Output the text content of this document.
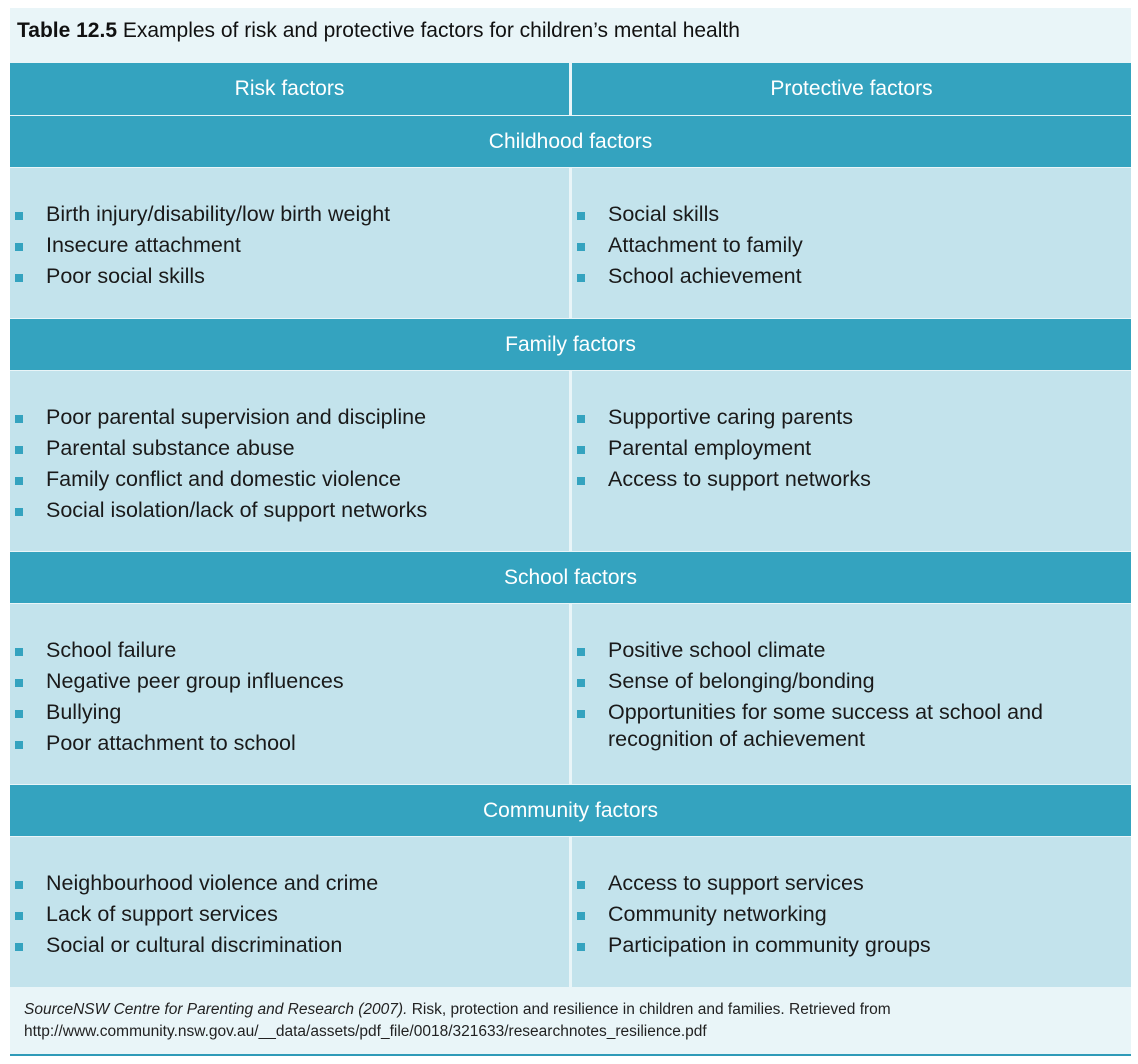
Table 12.5 Examples of risk and protective factors for children’s mental health
Risk factors	Protective factors
Childhood factors
Birth injury/disability/low birth weight
Insecure attachment
Poor social skills
Social skills
Attachment to family
School achievement
Family factors
Poor parental supervision and discipline
Parental substance abuse
Family conflict and domestic violence
Social isolation/lack of support networks
Supportive caring parents
Parental employment
Access to support networks
School factors
School failure
Negative peer group influences
Bullying
Poor attachment to school
Positive school climate
Sense of belonging/bonding
Opportunities for some success at school and recognition of achievement
Community factors
Neighbourhood violence and crime
Lack of support services
Social or cultural discrimination
Access to support services
Community networking
Participation in community groups
SourceNSW Centre for Parenting and Research (2007). Risk, protection and resilience in children and families. Retrieved from
http://www.community.nsw.gov.au/__data/assets/pdf_file/0018/321633/researchnotes_resilience.pdf
